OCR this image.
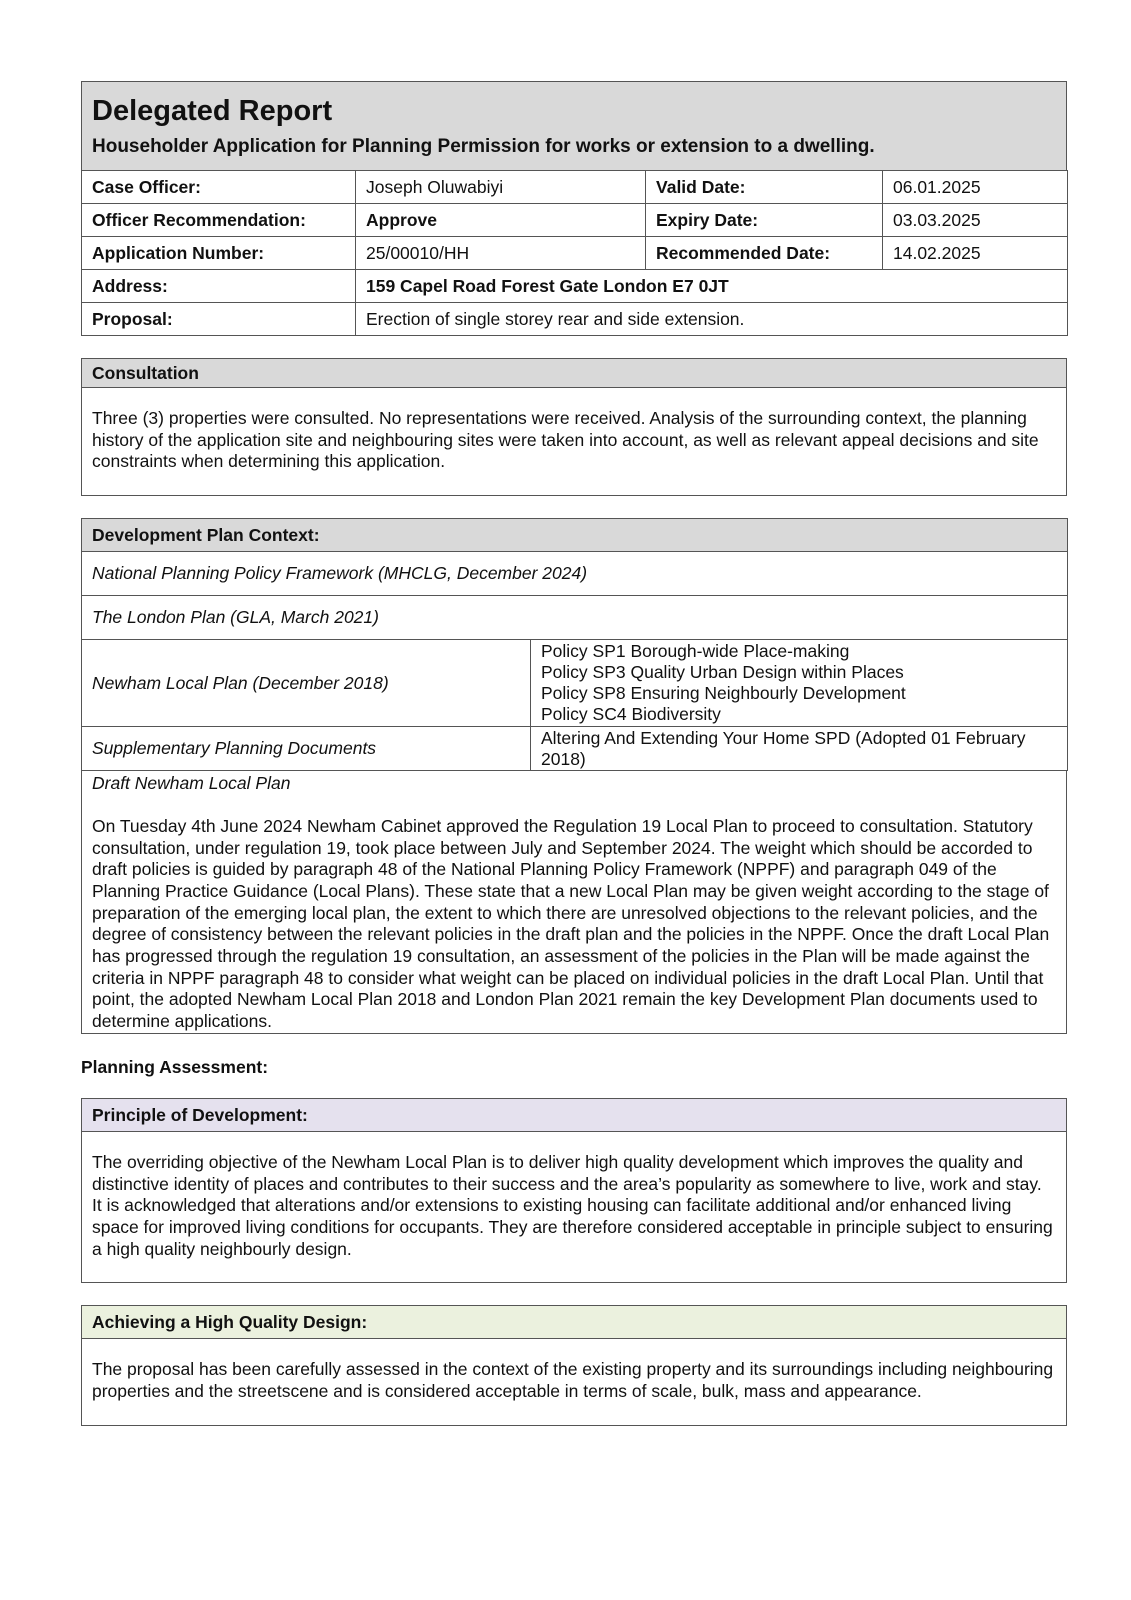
Delegated Report
Householder Application for Planning Permission for works or extension to a dwelling.
Case Officer:	Joseph Oluwabiyi	Valid Date:	06.01.2025
Officer Recommendation:	Approve	Expiry Date:	03.03.2025
Application Number:	25/00010/HH	Recommended Date:	14.02.2025
Address:	159 Capel Road Forest Gate London E7 0JT		
Proposal:	Erection of single storey rear and side extension.		
Consultation
Three (3) properties were consulted. No representations were received. Analysis of the surrounding context, the planning history of the application site and neighbouring sites were taken into account, as well as relevant appeal decisions and site constraints when determining this application.
Development Plan Context:	
National Planning Policy Framework (MHCLG, December 2024)	
The London Plan (GLA, March 2021)	
Newham Local Plan (December 2018)	Policy SP1 Borough-wide Place-making
Policy SP3 Quality Urban Design within Places
Policy SP8 Ensuring Neighbourly Development
Policy SC4 Biodiversity

Supplementary Planning Documents	Altering And Extending Your Home SPD (Adopted 01 February 2018)

Draft Newham Local Plan

On Tuesday 4th June 2024 Newham Cabinet approved the Regulation 19 Local Plan to proceed to consultation. Statutory consultation, under regulation 19, took place between July and September 2024. The weight which should be accorded to draft policies is guided by paragraph 48 of the National Planning Policy Framework (NPPF) and paragraph 049 of the Planning Practice Guidance (Local Plans). These state that a new Local Plan may be given weight according to the stage of preparation of the emerging local plan, the extent to which there are unresolved objections to the relevant policies, and the degree of consistency between the relevant policies in the draft plan and the policies in the NPPF. Once the draft Local Plan has progressed through the regulation 19 consultation, an assessment of the policies in the Plan will be made against the criteria in NPPF paragraph 48 to consider what weight can be placed on individual policies in the draft Local Plan. Until that point, the adopted Newham Local Plan 2018 and London Plan 2021 remain the key Development Plan documents used to determine applications.

Planning Assessment:
Principle of Development:
The overriding objective of the Newham Local Plan is to deliver high quality development which improves the quality and distinctive identity of places and contributes to their success and the area’s popularity as somewhere to live, work and stay. It is acknowledged that alterations and/or extensions to existing housing can facilitate additional and/or enhanced living space for improved living conditions for occupants. They are therefore considered acceptable in principle subject to ensuring a high quality neighbourly design.
Achieving a High Quality Design:
The proposal has been carefully assessed in the context of the existing property and its surroundings including neighbouring properties and the streetscene and is considered acceptable in terms of scale, bulk, mass and appearance.
